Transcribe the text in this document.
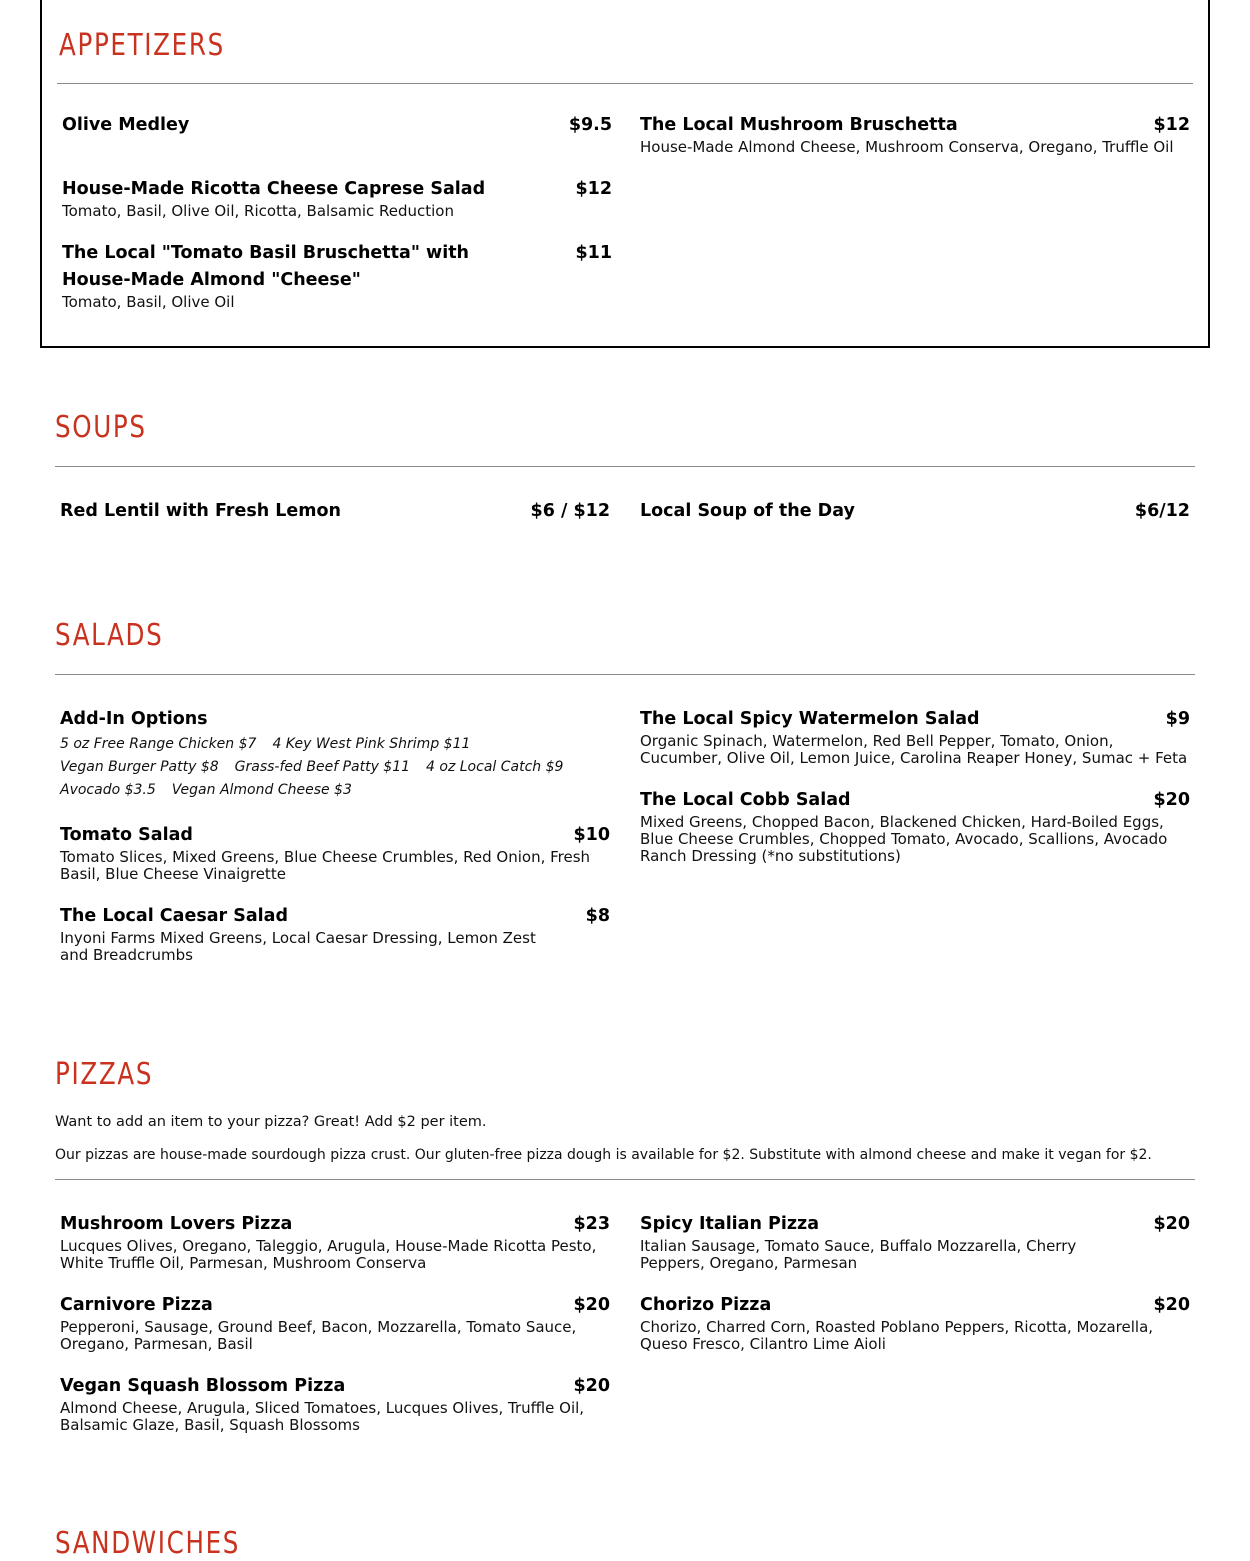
APPETIZERS
Olive Medley	$9.5
House-Made Ricotta Cheese Caprese Salad	$12
Tomato, Basil, Olive Oil, Ricotta, Balsamic Reduction
The Local "Tomato Basil Bruschetta" with House-Made Almond "Cheese"
$11
Tomato, Basil, Olive Oil
The Local Mushroom Bruschetta	$12
House-Made Almond Cheese, Mushroom Conserva, Oregano, Truffle Oil
SOUPS
Red Lentil with Fresh Lemon	$6 / $12 Local Soup of the Day	$6/12
SALADS
Add-In Options
5 oz Free Range Chicken $7 4 Key West Pink Shrimp $11
Vegan Burger Patty $8 Grass-fed Beef Patty $11 4 oz Local Catch $9
Avocado $3.5 Vegan Almond Cheese $3
Tomato Salad	$10
Tomato Slices, Mixed Greens, Blue Cheese Crumbles, Red Onion, Fresh Basil, Blue Cheese Vinaigrette
The Local Caesar Salad	$8
Inyoni Farms Mixed Greens, Local Caesar Dressing, Lemon Zest and Breadcrumbs
The Local Spicy Watermelon Salad	$9
Organic Spinach, Watermelon, Red Bell Pepper, Tomato, Onion, Cucumber, Olive Oil, Lemon Juice, Carolina Reaper Honey, Sumac + Feta
The Local Cobb Salad	$20
Mixed Greens, Chopped Bacon, Blackened Chicken, Hard-Boiled Eggs, Blue Cheese Crumbles, Chopped Tomato, Avocado, Scallions, Avocado Ranch Dressing (*no substitutions)
PIZZAS
Want to add an item to your pizza? Great! Add $2 per item.
Our pizzas are house-made sourdough pizza crust. Our gluten-free pizza dough is available for $2. Substitute with almond cheese and make it vegan for $2.
Mushroom Lovers Pizza	$23
Lucques Olives, Oregano, Taleggio, Arugula, House-Made Ricotta Pesto, White Truffle Oil, Parmesan, Mushroom Conserva
Carnivore Pizza	$20
Pepperoni, Sausage, Ground Beef, Bacon, Mozzarella, Tomato Sauce, Oregano, Parmesan, Basil
Vegan Squash Blossom Pizza	$20
Almond Cheese, Arugula, Sliced Tomatoes, Lucques Olives, Truffle Oil, Balsamic Glaze, Basil, Squash Blossoms
Spicy Italian Pizza	$20
Italian Sausage, Tomato Sauce, Buffalo Mozzarella, Cherry Peppers, Oregano, Parmesan
Chorizo Pizza	$20
Chorizo, Charred Corn, Roasted Poblano Peppers, Ricotta, Mozarella, Queso Fresco, Cilantro Lime Aioli
SANDWICHES
